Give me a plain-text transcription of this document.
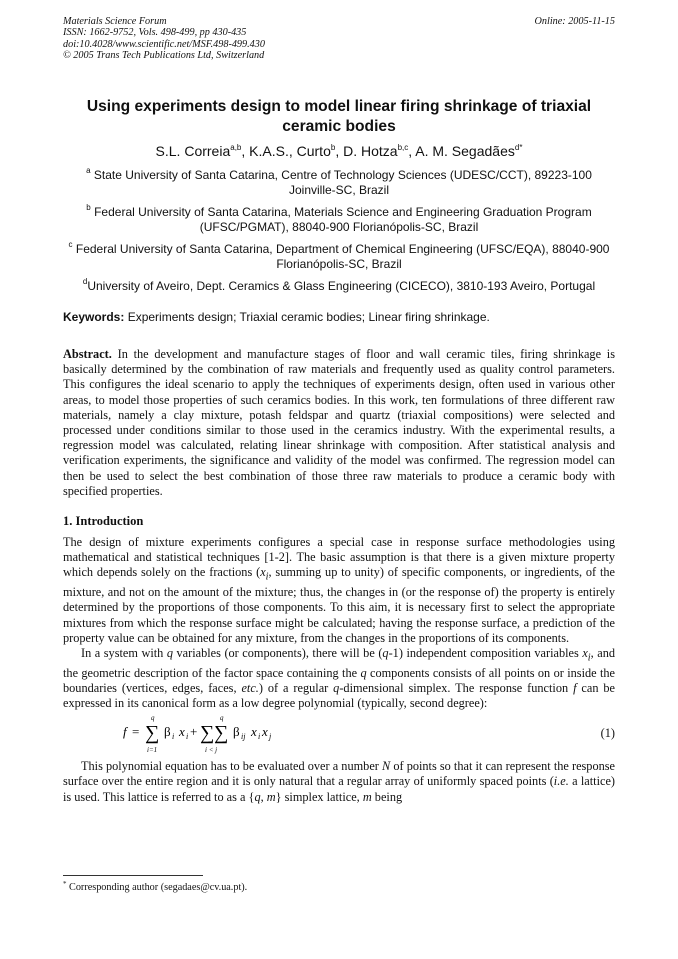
Materials Science Forum
ISSN: 1662-9752, Vols. 498-499, pp 430-435
doi:10.4028/www.scientific.net/MSF.498-499.430
© 2005 Trans Tech Publications Ltd, Switzerland
Online: 2005-11-15
Using experiments design to model linear firing shrinkage of triaxial ceramic bodies
S.L. Correia$^{a,b}$, K.A.S., Curto$^b$, D. Hotza$^{b,c}$, A. M. Segadães$^{d*}$
$^a$ State University of Santa Catarina, Centre of Technology Sciences (UDESC/CCT), 89223-100 Joinville-SC, Brazil
$^b$ Federal University of Santa Catarina, Materials Science and Engineering Graduation Program (UFSC/PGMAT), 88040-900 Florianópolis-SC, Brazil
$^c$ Federal University of Santa Catarina, Department of Chemical Engineering (UFSC/EQA), 88040-900 Florianópolis-SC, Brazil
$^d$University of Aveiro, Dept. Ceramics & Glass Engineering (CICECO), 3810-193 Aveiro, Portugal
Keywords: Experiments design; Triaxial ceramic bodies; Linear firing shrinkage.

Abstract. In the development and manufacture stages of floor and wall ceramic tiles, firing shrinkage is basically determined by the combination of raw materials and frequently used as quality control parameters. This configures the ideal scenario to apply the techniques of experiments design, often used in various other areas, to model those properties of such ceramics bodies. In this work, ten formulations of three different raw materials, namely a clay mixture, potash feldspar and quartz (triaxial compositions) were selected and processed under conditions similar to those used in the ceramics industry. With the experimental results, a regression model was calculated, relating linear shrinkage with composition. After statistical analysis and verification experiments, the significance and validity of the model was confirmed. The regression model can then be used to select the best combination of those three raw materials to produce a ceramic body with specified properties.

1. Introduction

The design of mixture experiments configures a special case in response surface methodologies using mathematical and statistical techniques [1-2]. The basic assumption is that there is a given mixture property which depends solely on the fractions ($x_i$, summing up to unity) of specific components, or ingredients, of the mixture, and not on the amount of the mixture; thus, the changes in (or the response of) the property is entirely determined by the proportions of those components. To this aim, it is necessary first to select the appropriate mixtures from which the response surface might be calculated; having the response surface, a prediction of the property value can be obtained for any mixture, from the changes in the proportions of its components.

In a system with q variables (or components), there will be (q-1) independent composition variables $x_i$, and the geometric description of the factor space containing the q components consists of all points on or inside the boundaries (vertices, edges, faces, etc.) of a regular q-dimensional simplex. The response function f can be expressed in its canonical form as a low degree polynomial (typically, second degree):

f = ∑
q
i=1
β i x i + ∑ ∑
q
i < j
β ij x i x j	(1)

This polynomial equation has to be evaluated over a number N of points so that it can represent the response surface over the entire region and it is only natural that a regular array of uniformly spaced points (i.e. a lattice) is used. This lattice is referred to as a {q, m} simplex lattice, m being

* Corresponding author (segadaes@cv.ua.pt).
